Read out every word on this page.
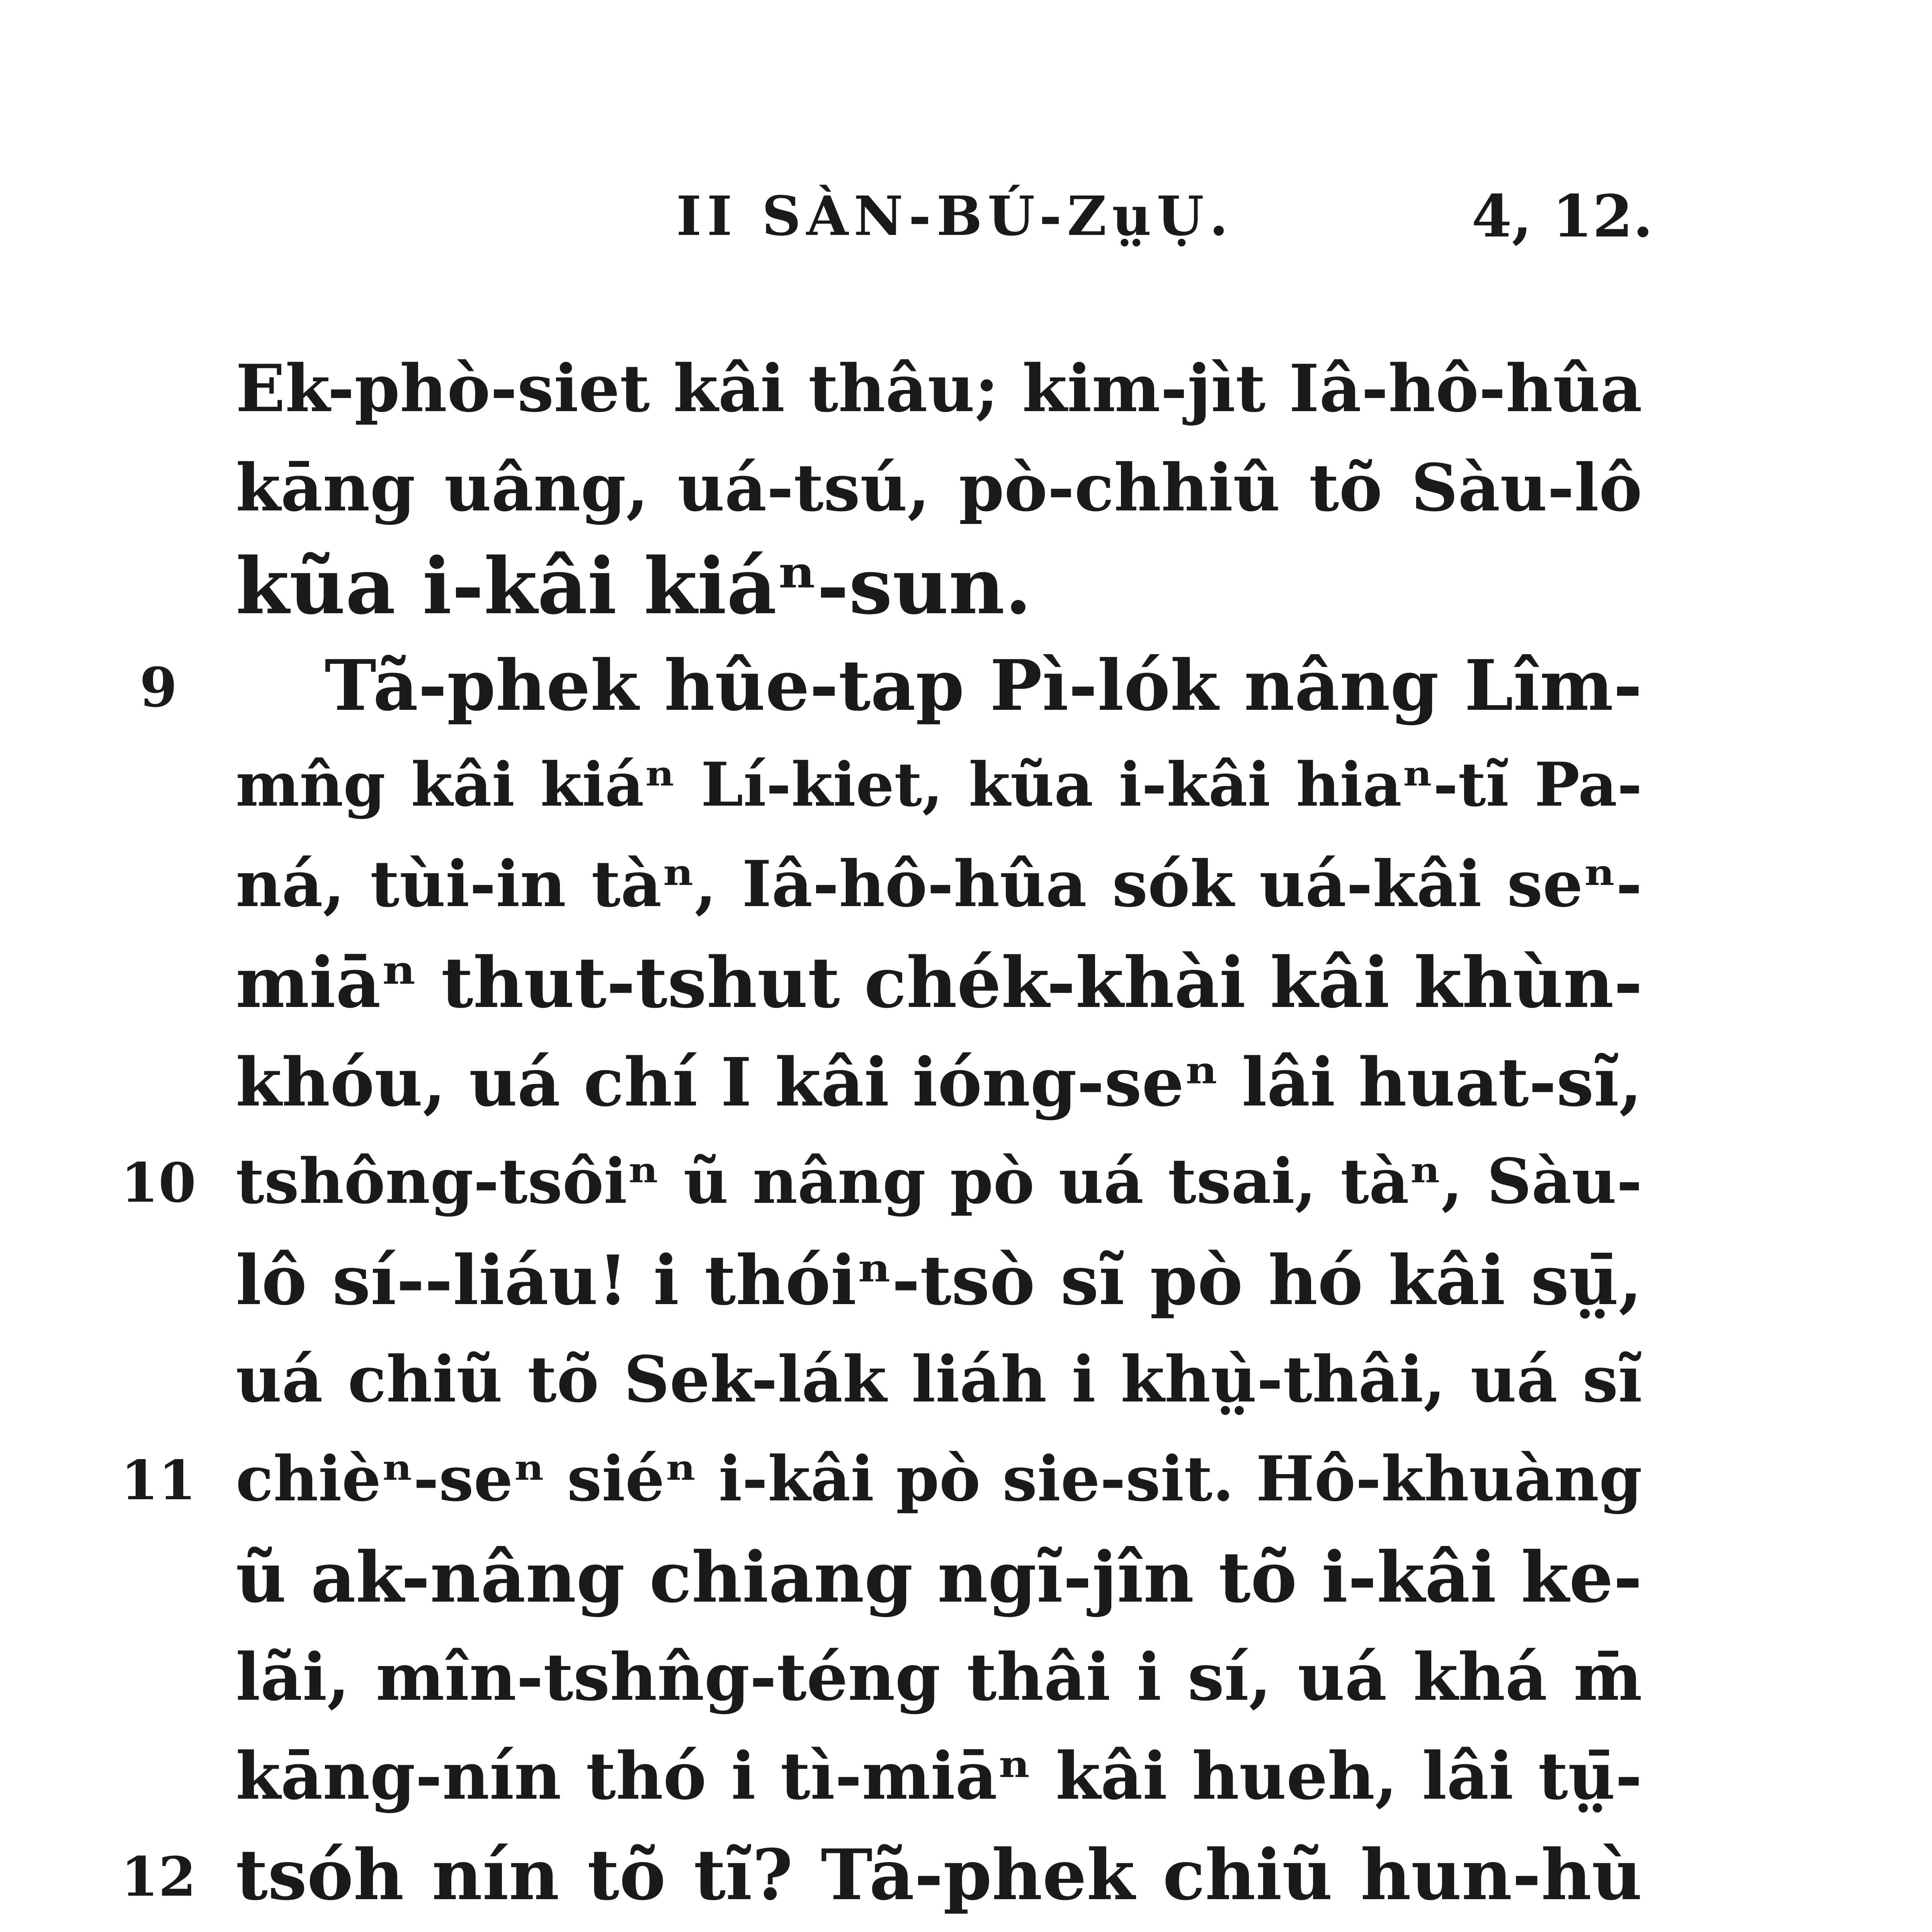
II SÀN-BÚ-ZṳỤ.	4, 12.
Ek-phò-siet kâi thâu; kim-jìt Iâ-hô-hûa
kāng uâng, uá-tsú, pò-chhiû tõ Sàu-lô
kũa i-kâi kiáⁿ-sun.
9	Tã-phek hûe-tap Pì-lók nâng Lîm-
mn̂g kâi kiáⁿ Lí-kiet, kũa i-kâi hiaⁿ-tĩ Pa-
ná, tùi-in tàⁿ, Iâ-hô-hûa sók uá-kâi seⁿ-
miāⁿ thut-tshut chék-khài kâi khùn-
khóu, uá chí I kâi ióng-seⁿ lâi huat-sĩ,
10 tshông-tsôiⁿ ũ nâng pò uá tsai, tàⁿ, Sàu-
lô sí--liáu! i thóiⁿ-tsò sĩ pò hó kâi sṳ̄,
uá chiũ tõ Sek-lák liáh i khṳ̀-thâi, uá sĩ
11 chièⁿ-seⁿ siéⁿ i-kâi pò sie-sit. Hô-khuàng
ũ ak-nâng chiang ngĩ-jîn tõ i-kâi ke-
lãi, mîn-tshn̂g-téng thâi i sí, uá khá m̄
kāng-nín thó i tì-miāⁿ kâi hueh, lâi tṳ̄-
12 tsóh nín tõ tĩ? Tã-phek chiũ hun-hù
